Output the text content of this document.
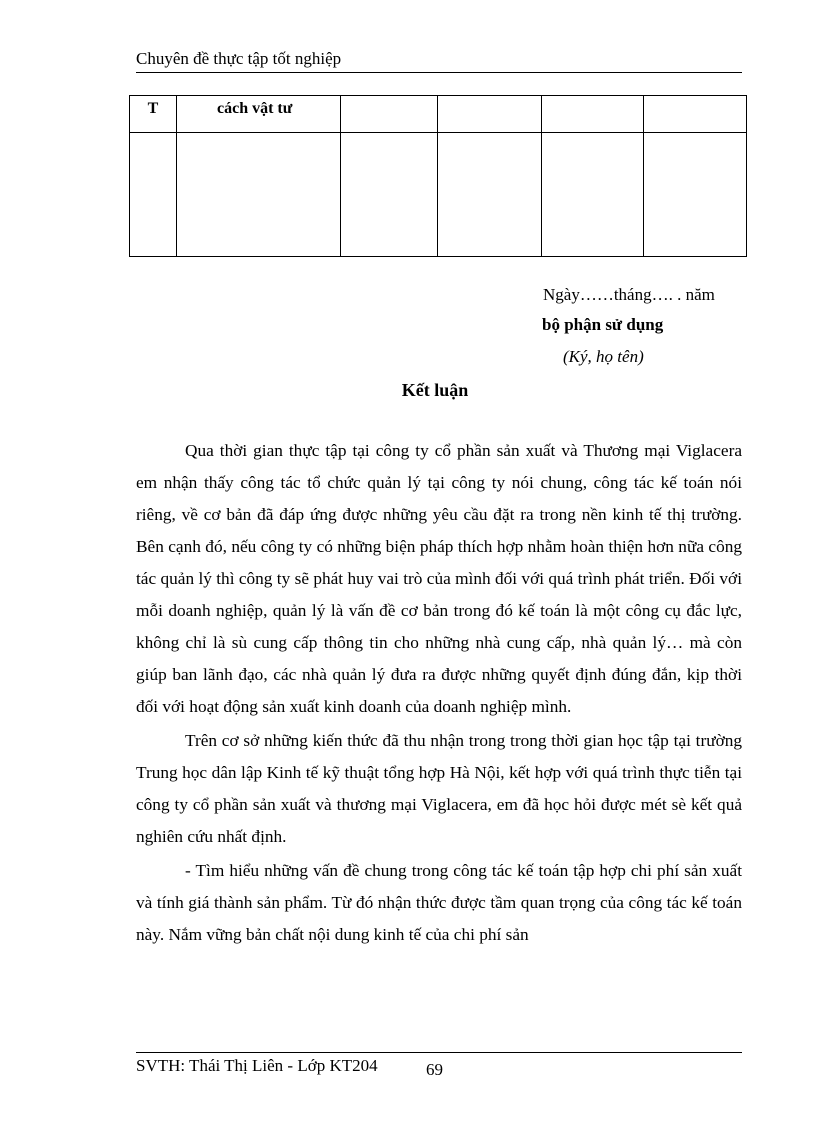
Chuyên đề thực tập tốt nghiệp
T	cách vật tư				

Ngày……tháng…. . năm
bộ phận sử dụng
(Ký, họ tên)
Kết luận

Qua thời gian thực tập tại công ty cổ phần sản xuất và Thương mại Viglacera em nhận thấy công tác tổ chức quản lý tại công ty nói chung, công tác kế toán nói riêng, về cơ bản đã đáp ứng được những yêu cầu đặt ra trong nền kinh tế thị trường. Bên cạnh đó, nếu công ty có những biện pháp thích hợp nhằm hoàn thiện hơn nữa công tác quản lý thì công ty sẽ phát huy vai trò của mình đối với quá trình phát triển. Đối với mỗi doanh nghiệp, quản lý là vấn đề cơ bản trong đó kế toán là một công cụ đắc lực, không chỉ là sù cung cấp thông tin cho những nhà cung cấp, nhà quản lý… mà còn giúp ban lãnh đạo, các nhà quản lý đưa ra được những quyết định đúng đắn, kịp thời đối với hoạt động sản xuất kinh doanh của doanh nghiệp mình.

Trên cơ sở những kiến thức đã thu nhận trong trong thời gian học tập tại trường Trung học dân lập Kinh tế kỹ thuật tổng hợp Hà Nội, kết hợp với quá trình thực tiễn tại công ty cổ phần sản xuất và thương mại Viglacera, em đã học hỏi được mét sè kết quả nghiên cứu nhất định.

- Tìm hiểu những vấn đề chung trong công tác kế toán tập hợp chi phí sản xuất và tính giá thành sản phẩm. Từ đó nhận thức được tầm quan trọng của công tác kế toán này. Nắm vững bản chất nội dung kinh tế của chi phí sản

SVTH: Thái Thị Liên - Lớp KT204	69
